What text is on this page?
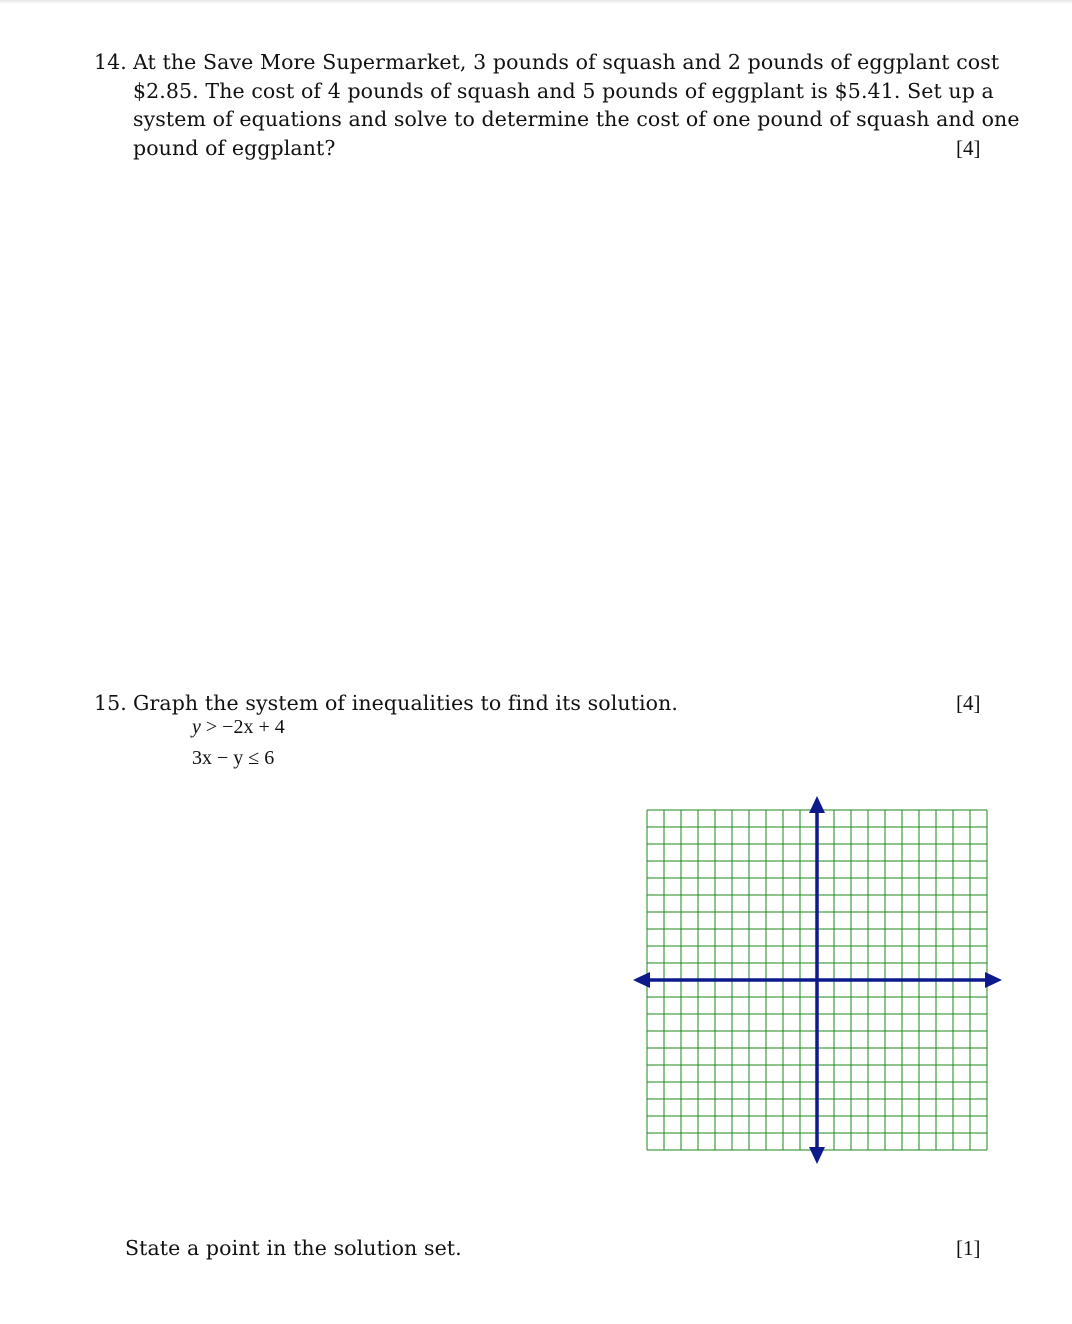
14. At the Save More Supermarket, 3 pounds of squash and 2 pounds of eggplant cost
$2.85. The cost of 4 pounds of squash and 5 pounds of eggplant is $5.41. Set up a
system of equations and solve to determine the cost of one pound of squash and one
pound of eggplant?	[4]
15. Graph the system of inequalities to find its solution.	[4]
y > −2x + 4
3x − y ≤ 6
State a point in the solution set.	[1]
